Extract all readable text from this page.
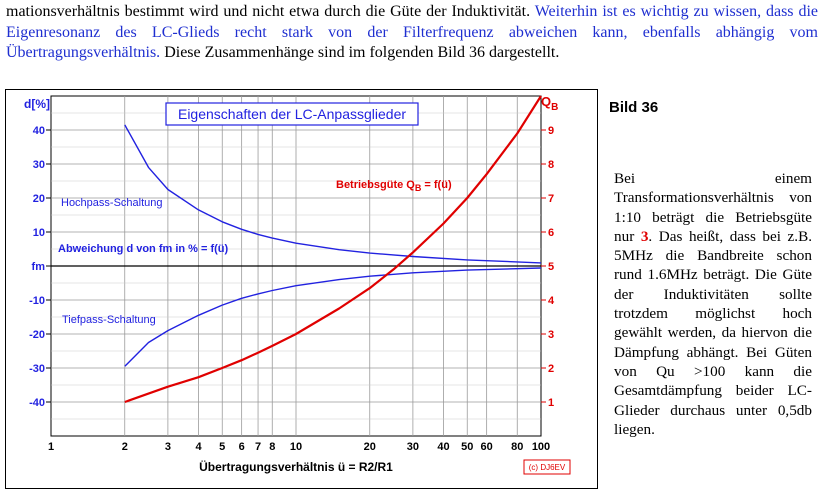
mationsverhältnis bestimmt wird und nicht etwa durch die Güte der Induktivität. Weiterhin ist es wichtig zu wissen, dass die Eigenresonanz des LC-Glieds recht stark von der Filterfrequenz abweichen kann, ebenfalls abhängig vom Übertragungsverhältnis. Diese Zusammenhänge sind im folgenden Bild 36 dargestellt.
1	2	3 4 5 6 7 8 10	20	30 40 50 60 80 100
40
30
20
10
fm
-10
-20
-30
-40
9
8
7
6
5
4
3
2
1
Eigenschaften der LC-Anpassglieder
d[%]	$Q_B$
Hochpass-Schaltung
Tiefpass-Schaltung
Abweichung d von fm in % = f(ü)
Betriebsgüte $Q_B$ = f(ü)
Übertragungsverhältnis ü = R2/R1	(c) DJ6EV
Bild 36
Bei einem Transformationsverhältnis von 1:10 beträgt die Betriebsgüte nur 3. Das heißt, dass bei z.B. 5MHz die Bandbreite schon rund 1.6MHz beträgt. Die Güte der Induktivitäten sollte trotzdem möglichst hoch gewählt werden, da hiervon die Dämpfung abhängt. Bei Güten von Qu >100 kann die Gesamtdämpfung beider LC-Glieder durchaus unter 0,5db liegen.
